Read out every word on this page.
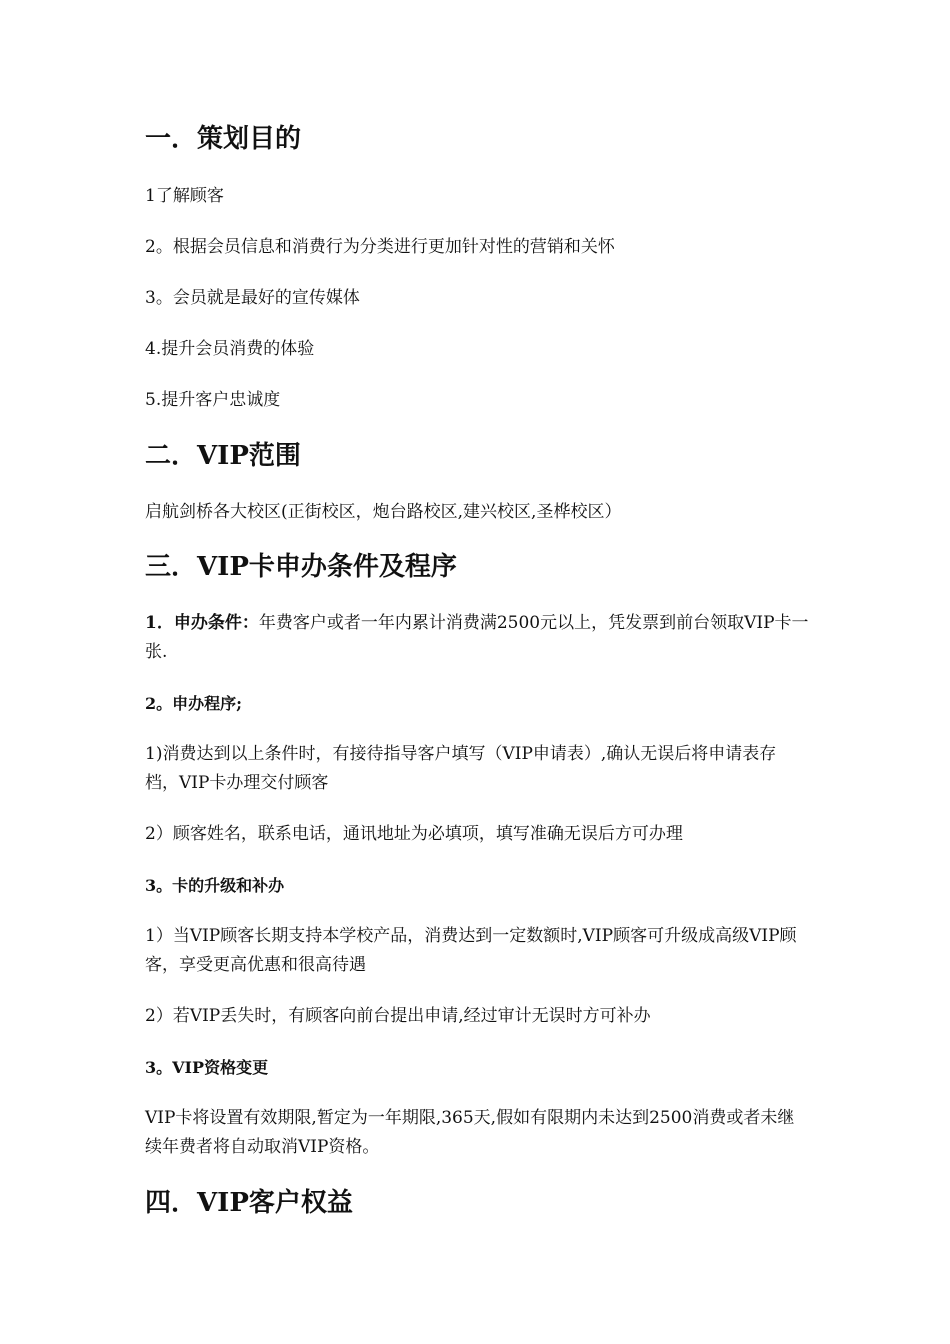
一．策划目的
1了解顾客
2。根据会员信息和消费行为分类进行更加针对性的营销和关怀
3。会员就是最好的宣传媒体
4.提升会员消费的体验
5.提升客户忠诚度
二．VIP范围
启航剑桥各大校区(正街校区，炮台路校区,建兴校区,圣桦校区）
三．VIP卡申办条件及程序
1．申办条件：年费客户或者一年内累计消费满2500元以上，凭发票到前台领取VIP卡一张.
2。申办程序;
1)消费达到以上条件时，有接待指导客户填写（VIP申请表）,确认无误后将申请表存档，VIP卡办理交付顾客
2）顾客姓名，联系电话，通讯地址为必填项，填写准确无误后方可办理
3。卡的升级和补办
1）当VIP顾客长期支持本学校产品，消费达到一定数额时,VIP顾客可升级成高级VIP顾客，享受更高优惠和很高待遇
2）若VIP丢失时，有顾客向前台提出申请,经过审计无误时方可补办
3。VIP资格变更
VIP卡将设置有效期限,暂定为一年期限,365天,假如有限期内未达到2500消费或者未继续年费者将自动取消VIP资格。
四．VIP客户权益
